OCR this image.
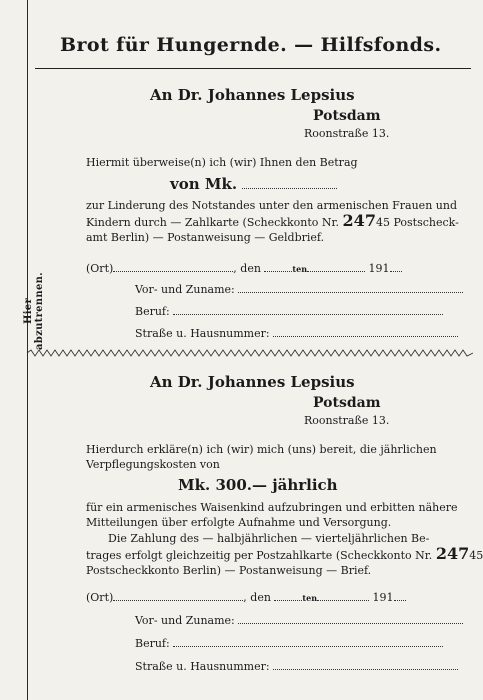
Hier abzutrennen.
Brot für Hungernde. — Hilfsfonds.
An Dr. Johannes Lepsius
Potsdam
Roonstraße 13.
Hiermit überweise(n) ich (wir) Ihnen den Betrag
von Mk.
zur Linderung des Notstandes unter den armenischen Frauen und
Kindern durch — Zahlkarte (Scheckkonto Nr. 24745 Postscheck-
amt Berlin) — Postanweisung — Geldbrief.
(Ort)	, den	ten	191
Vor- und Zuname:
Beruf:
Straße u. Hausnummer:
An Dr. Johannes Lepsius
Potsdam
Roonstraße 13.
Hierdurch erkläre(n) ich (wir) mich (uns) bereit, die jährlichen
Verpflegungskosten von
Mk. 300.— jährlich
für ein armenisches Waisenkind aufzubringen und erbitten nähere
Mitteilungen über erfolgte Aufnahme und Versorgung.
Die Zahlung des — halbjährlichen — vierteljährlichen Be-
trages erfolgt gleichzeitig per Postzahlkarte (Scheckkonto Nr. 24745
Postscheckkonto Berlin) — Postanweisung — Brief.
(Ort)	, den	ten	191
Vor- und Zuname:
Beruf:
Straße u. Hausnummer:
